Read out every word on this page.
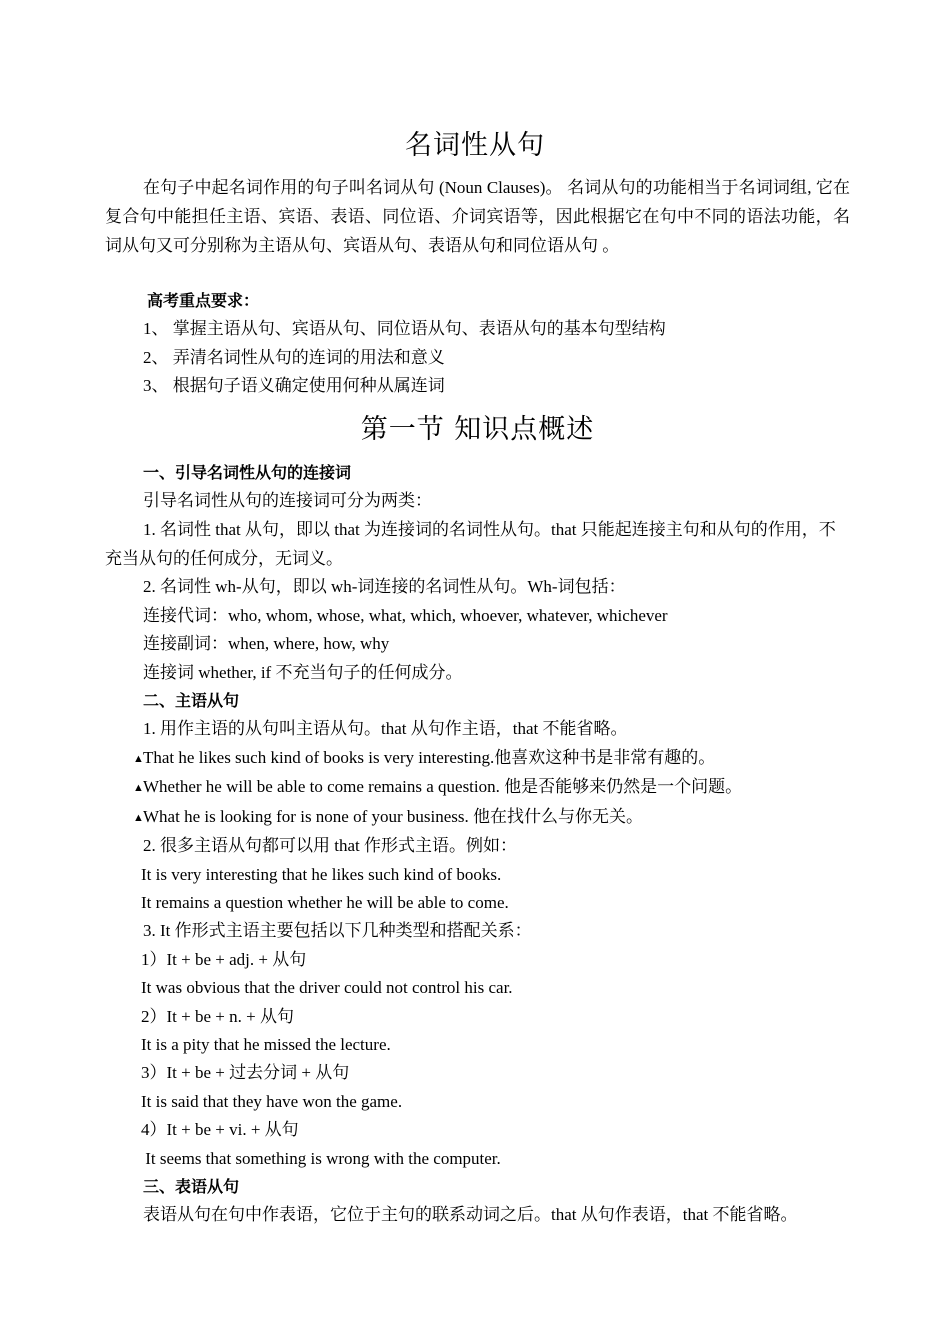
名词性从句

在句子中起名词作用的句子叫名词从句 (Noun Clauses)。 名词从句的功能相当于名词词组, 它在复合句中能担任主语、宾语、表语、同位语、介词宾语等，因此根据它在句中不同的语法功能，名词从句又可分别称为主语从句、宾语从句、表语从句和同位语从句 。

高考重点要求：
1、 掌握主语从句、宾语从句、同位语从句、表语从句的基本句型结构
2、 弄清名词性从句的连词的用法和意义
3、 根据句子语义确定使用何种从属连词
第一节 知识点概述
一、引导名词性从句的连接词
引导名词性从句的连接词可分为两类：
1. 名词性 that 从句，即以 that 为连接词的名词性从句。that 只能起连接主句和从句的作用，不充当从句的任何成分，无词义。
2. 名词性 wh-从句，即以 wh-词连接的名词性从句。Wh-词包括：
连接代词：who, whom, whose, what, which, whoever, whatever, whichever
连接副词：when, where, how, why
连接词 whether, if 不充当句子的任何成分。
二、主语从句
1. 用作主语的从句叫主语从句。that 从句作主语，that 不能省略。
▲That he likes such kind of books is very interesting.他喜欢这种书是非常有趣的。
▲Whether he will be able to come remains a question. 他是否能够来仍然是一个问题。
▲What he is looking for is none of your business. 他在找什么与你无关。
2. 很多主语从句都可以用 that 作形式主语。例如：
It is very interesting that he likes such kind of books.
It remains a question whether he will be able to come.
3. It 作形式主语主要包括以下几种类型和搭配关系：
1）It + be + adj. + 从句
It was obvious that the driver could not control his car.
2）It + be + n. + 从句
It is a pity that he missed the lecture.
3）It + be + 过去分词 + 从句
It is said that they have won the game.
4）It + be + vi. + 从句
It seems that something is wrong with the computer.
三、表语从句
表语从句在句中作表语，它位于主句的联系动词之后。that 从句作表语，that 不能省略。
